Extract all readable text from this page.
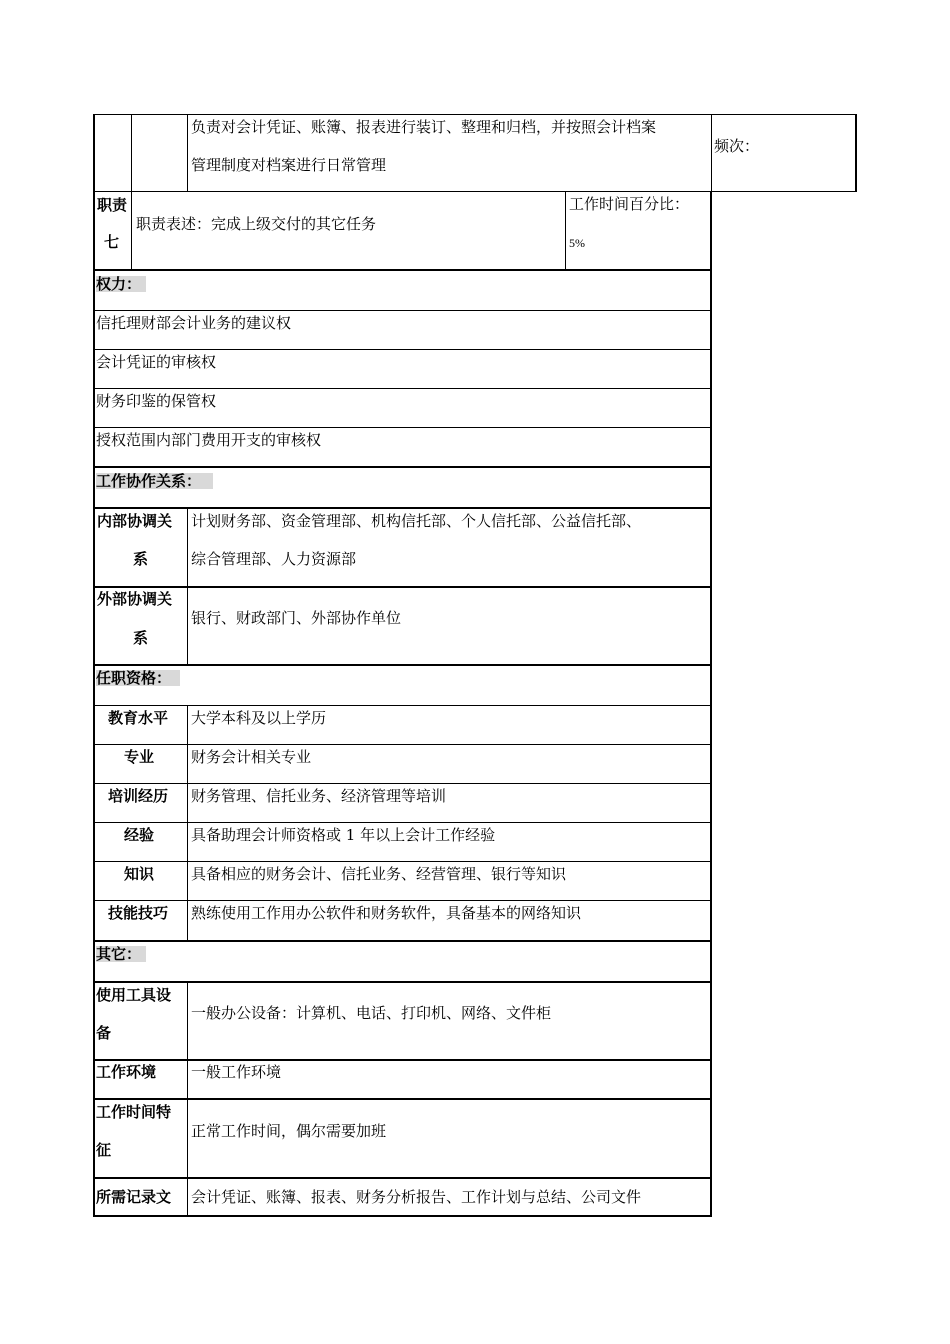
负责对会计凭证、账簿、报表进行装订、整理和归档，并按照会计档案
管理制度对档案进行日常管理
频次：
职责
七
职责表述：完成上级交付的其它任务
工作时间百分比：
5%
权力：
信托理财部会计业务的建议权
会计凭证的审核权
财务印鉴的保管权
授权范围内部门费用开支的审核权
工作协作关系：
内部协调关
系
计划财务部、资金管理部、机构信托部、个人信托部、公益信托部、
综合管理部、人力资源部
外部协调关
系
银行、财政部门、外部协作单位
任职资格：
教育水平 大学本科及以上学历
专业 财务会计相关专业
培训经历 财务管理、信托业务、经济管理等培训
经验 具备助理会计师资格或 1 年以上会计工作经验
知识 具备相应的财务会计、信托业务、经营管理、银行等知识
技能技巧 熟练使用工作用办公软件和财务软件，具备基本的网络知识
其它：
使用工具设
备
一般办公设备：计算机、电话、打印机、网络、文件柜
工作环境 一般工作环境
工作时间特
征
正常工作时间，偶尔需要加班
所需记录文 会计凭证、账簿、报表、财务分析报告、工作计划与总结、公司文件
